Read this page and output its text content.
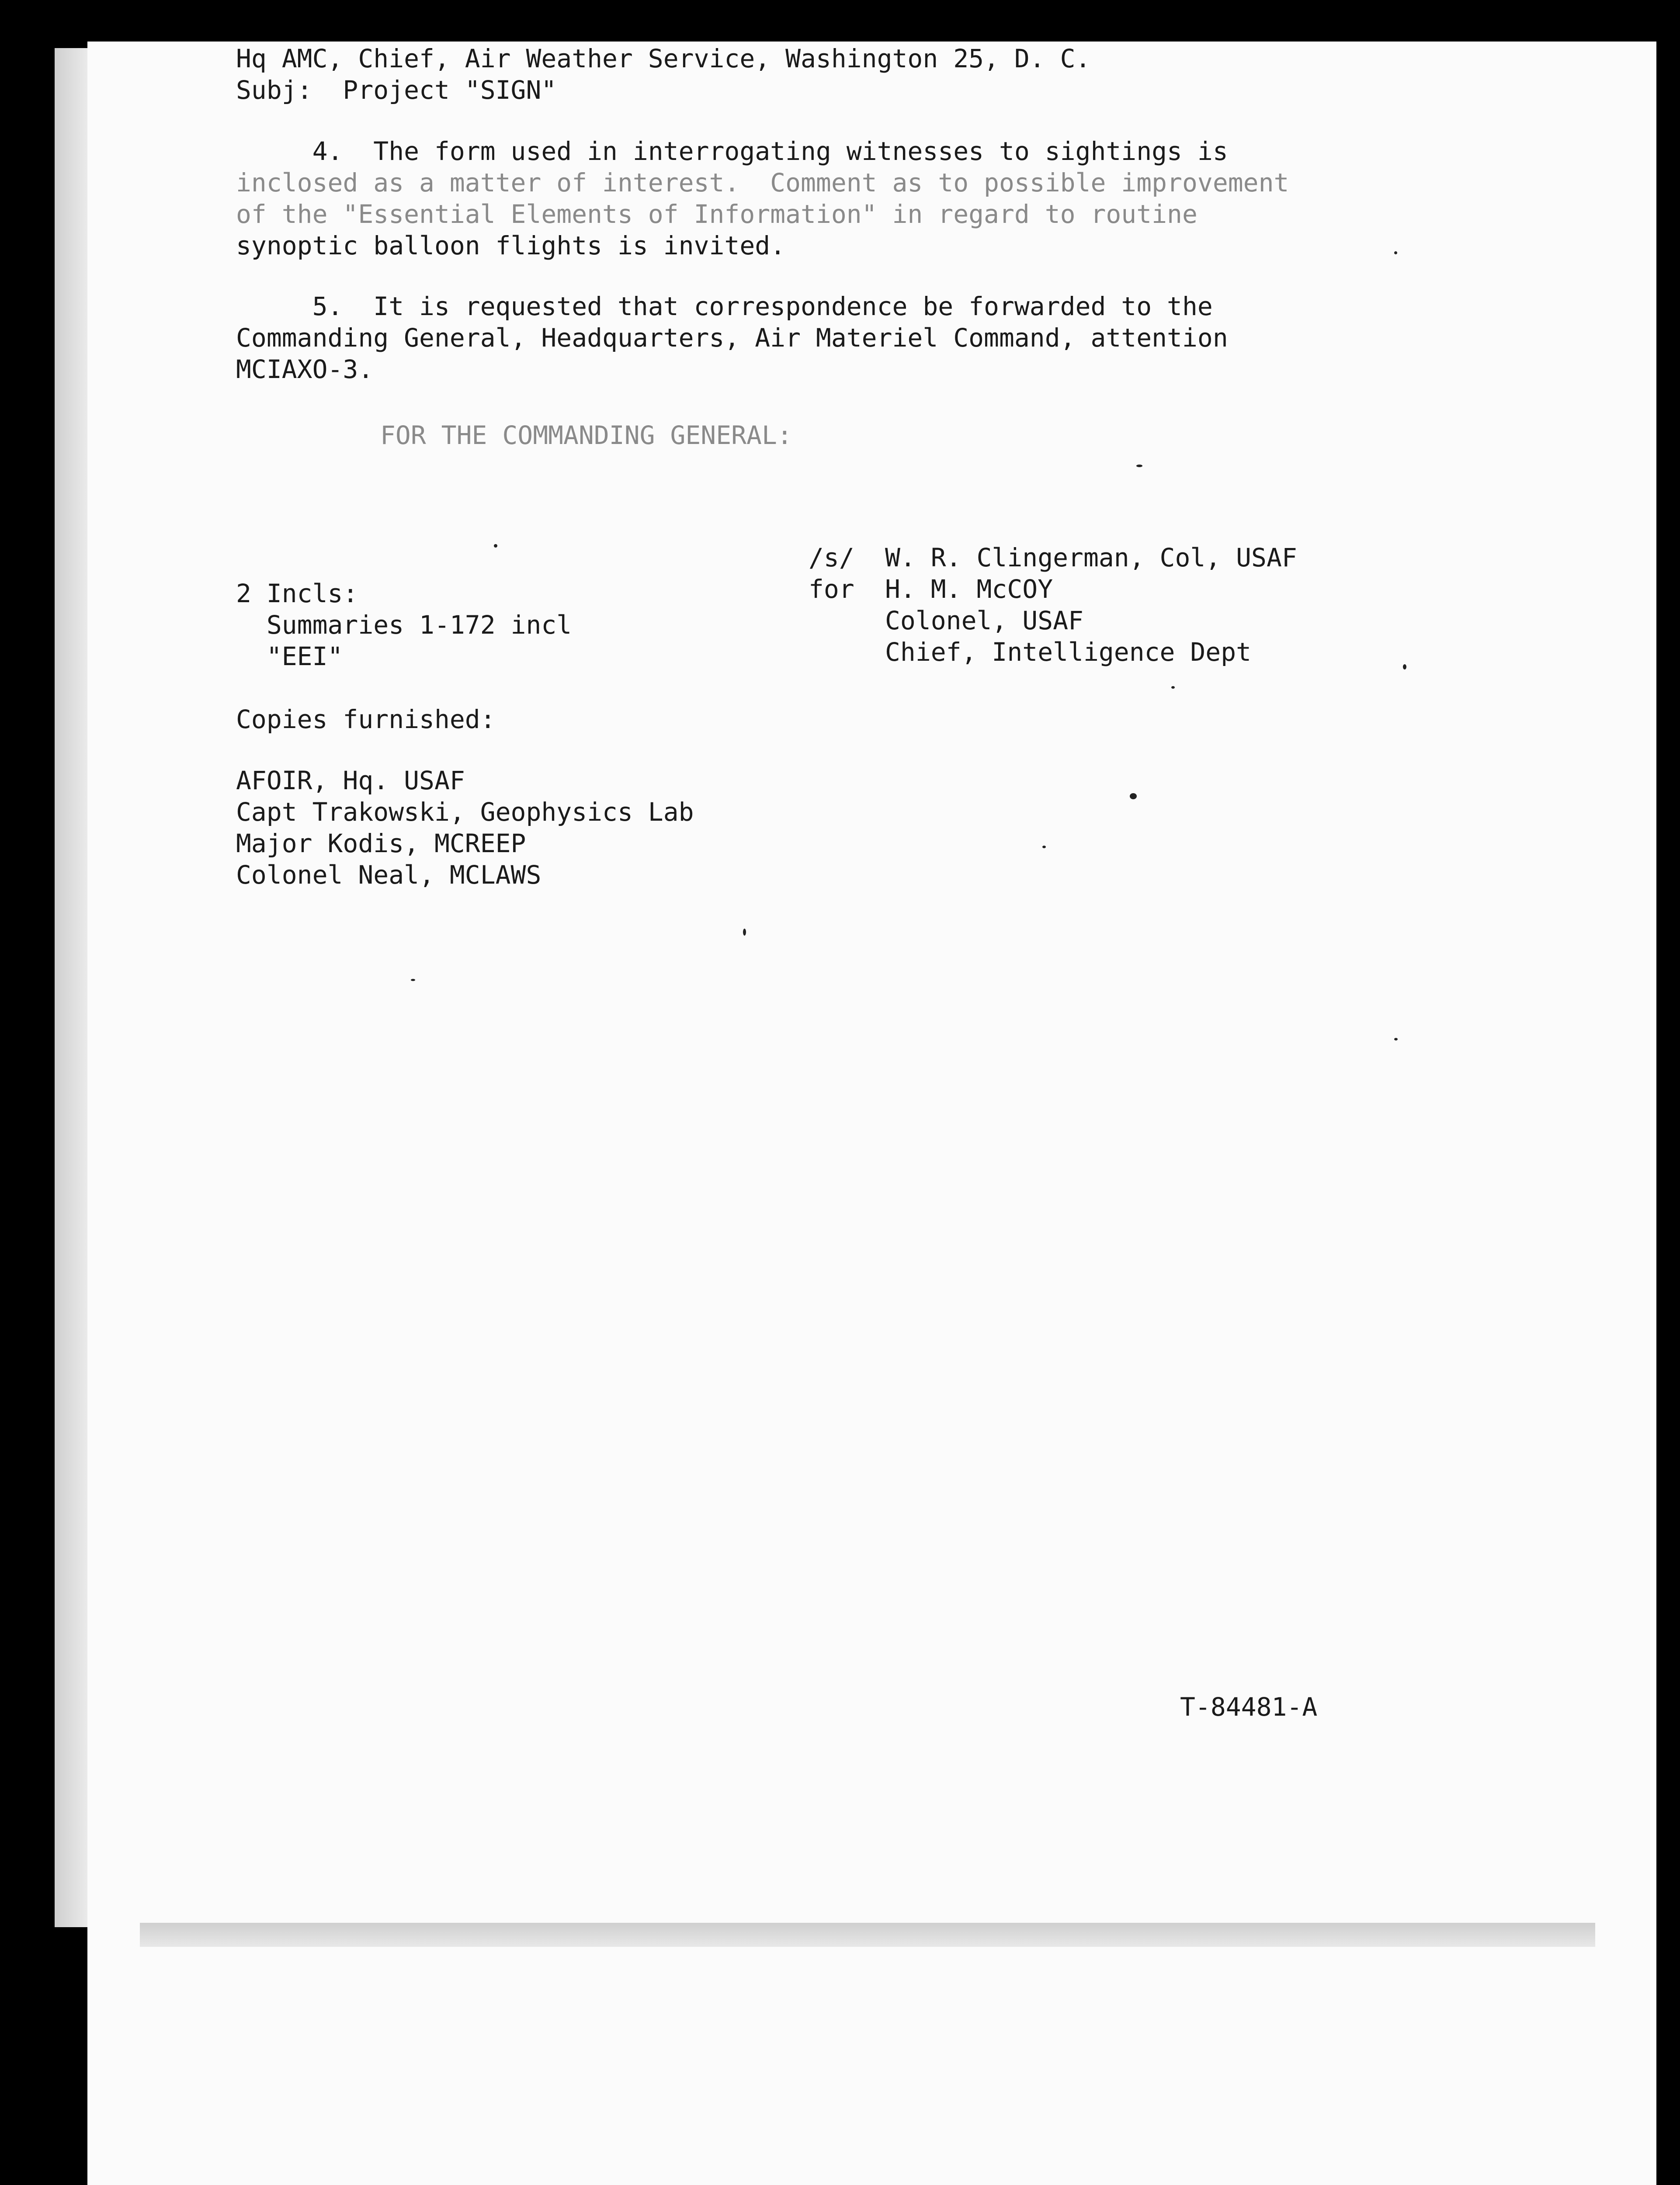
Hq AMC, Chief, Air Weather Service, Washington 25, D. C.
Subj:  Project "SIGN"
4.  The form used in interrogating witnesses to sightings is
inclosed as a matter of interest.  Comment as to possible improvement
of the "Essential Elements of Information" in regard to routine
synoptic balloon flights is invited.
5.  It is requested that correspondence be forwarded to the
Commanding General, Headquarters, Air Materiel Command, attention
MCIAXO-3.
FOR THE COMMANDING GENERAL:
/s/
for
W. R. Clingerman, Col, USAF
H. M. McCOY
Colonel, USAF
Chief, Intelligence Dept
2 Incls:
Summaries 1-172 incl
"EEI"
Copies furnished:
AFOIR, Hq. USAF
Capt Trakowski, Geophysics Lab
Major Kodis, MCREEP
Colonel Neal, MCLAWS
T-84481-A
